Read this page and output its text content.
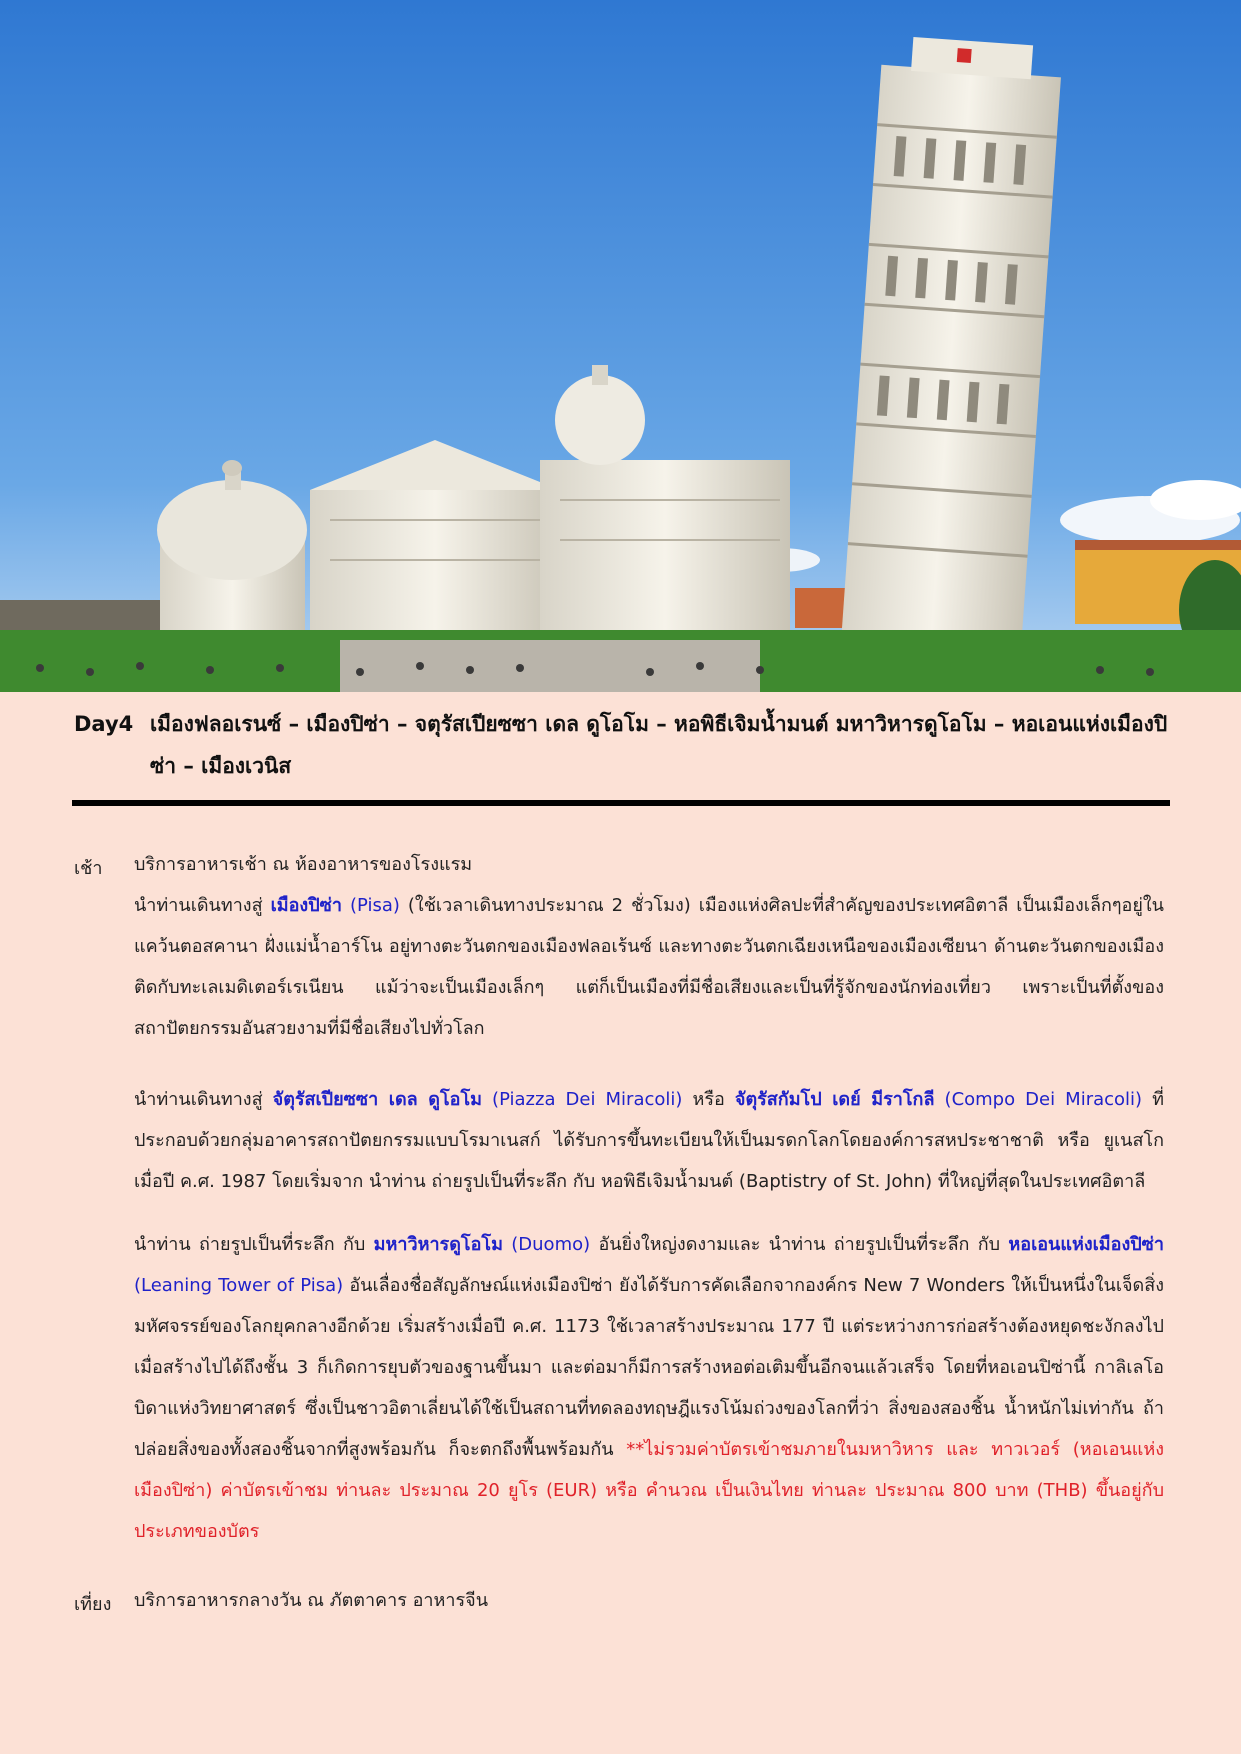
Day4 เมืองฟลอเรนซ์ – เมืองปิซ่า – จตุรัสเปียซซา เดล ดูโอโม – หอพิธีเจิมน้ำมนต์ มหาวิหารดูโอโม – หอเอนแห่งเมืองปิซ่า – เมืองเวนิส
เช้า บริการอาหารเช้า ณ ห้องอาหารของโรงแรม

นำท่านเดินทางสู่ เมืองปิซ่า (Pisa) (ใช้เวลาเดินทางประมาณ 2 ชั่วโมง) เมืองแห่งศิลปะที่สำคัญของประเทศอิตาลี เป็นเมืองเล็กๆอยู่ในแคว้นตอสคานา ฝั่งแม่น้ำอาร์โน อยู่ทางตะวันตกของเมืองฟลอเร้นซ์ และทางตะวันตกเฉียงเหนือของเมืองเซียนา ด้านตะวันตกของเมืองติดกับทะเลเมดิเตอร์เรเนียน แม้ว่าจะเป็นเมืองเล็กๆ แต่ก็เป็นเมืองที่มีชื่อเสียงและเป็นที่รู้จักของนักท่องเที่ยว เพราะเป็นที่ตั้งของสถาปัตยกรรมอันสวยงามที่มีชื่อเสียงไปทั่วโลก

นำท่านเดินทางสู่ จัตุรัสเปียซซา เดล ดูโอโม (Piazza Dei Miracoli) หรือ จัตุรัสกัมโป เดย์ มีราโกลี (Compo Dei Miracoli) ที่ประกอบด้วยกลุ่มอาคารสถาปัตยกรรมแบบโรมาเนสก์ ได้รับการขึ้นทะเบียนให้เป็นมรดกโลกโดยองค์การสหประชาชาติ หรือ ยูเนสโก เมื่อปี ค.ศ. 1987 โดยเริ่มจาก นำท่าน ถ่ายรูปเป็นที่ระลึก กับ หอพิธีเจิมน้ำมนต์ (Baptistry of St. John) ที่ใหญ่ที่สุดในประเทศอิตาลี

นำท่าน ถ่ายรูปเป็นที่ระลึก กับ มหาวิหารดูโอโม (Duomo) อันยิ่งใหญ่งดงามและ นำท่าน ถ่ายรูปเป็นที่ระลึก กับ หอเอนแห่งเมืองปิซ่า (Leaning Tower of Pisa) อันเลื่องชื่อสัญลักษณ์แห่งเมืองปิซ่า ยังได้รับการคัดเลือกจากองค์กร New 7 Wonders ให้เป็นหนึ่งในเจ็ดสิ่งมหัศจรรย์ของโลกยุคกลางอีกด้วย เริ่มสร้างเมื่อปี ค.ศ. 1173 ใช้เวลาสร้างประมาณ 177 ปี แต่ระหว่างการก่อสร้างต้องหยุดชะงักลงไปเมื่อสร้างไปได้ถึงชั้น 3 ก็เกิดการยุบตัวของฐานขึ้นมา และต่อมาก็มีการสร้างหอต่อเติมขึ้นอีกจนแล้วเสร็จ โดยที่หอเอนปิซ่านี้ กาลิเลโอ บิดาแห่งวิทยาศาสตร์ ซึ่งเป็นชาวอิตาเลี่ยนได้ใช้เป็นสถานที่ทดลองทฤษฎีแรงโน้มถ่วงของโลกที่ว่า สิ่งของสองชิ้น น้ำหนักไม่เท่ากัน ถ้าปล่อยสิ่งของทั้งสองชิ้นจากที่สูงพร้อมกัน ก็จะตกถึงพื้นพร้อมกัน **ไม่รวมค่าบัตรเข้าชมภายในมหาวิหาร และ ทาวเวอร์ (หอเอนแห่งเมืองปิซ่า) ค่าบัตรเข้าชม ท่านละ ประมาณ 20 ยูโร (EUR) หรือ คำนวณ เป็นเงินไทย ท่านละ ประมาณ 800 บาท (THB) ขึ้นอยู่กับประเภทของบัตร

เที่ยง บริการอาหารกลางวัน ณ ภัตตาคาร อาหารจีน
